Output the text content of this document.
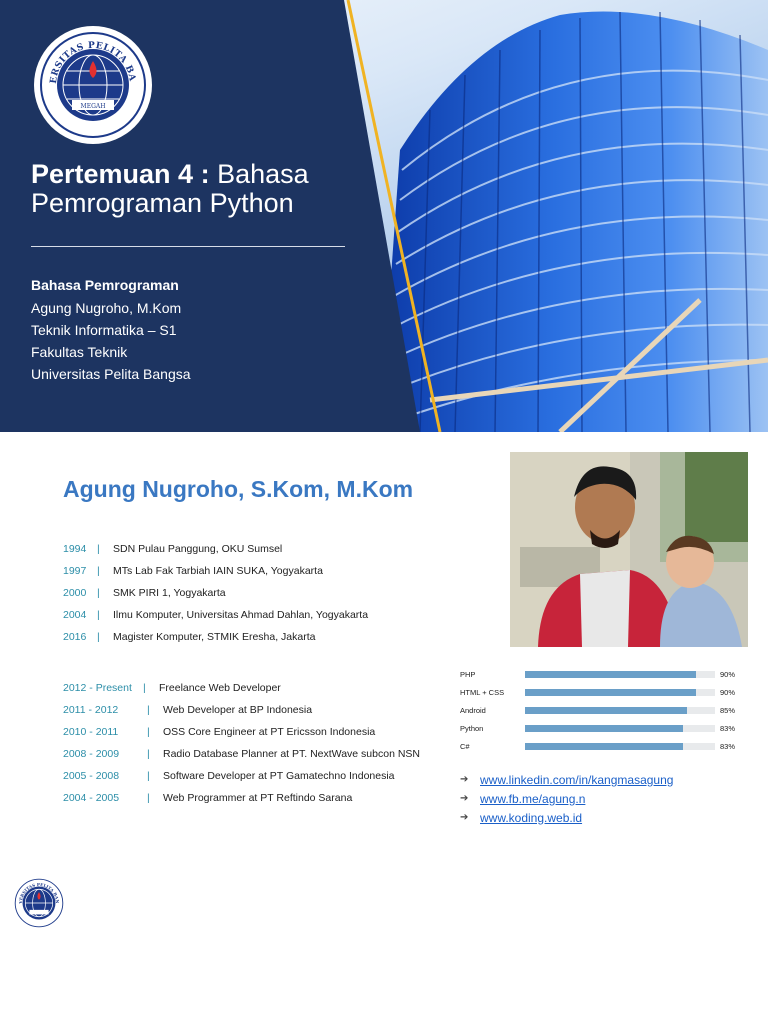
ERSITAS PELITA BA
MEGAH
Pertemuan 4 : Bahasa Pemrograman Python
Bahasa Pemrograman
Agung Nugroho, M.Kom
Teknik Informatika – S1
Fakultas Teknik
Universitas Pelita Bangsa
Agung Nugroho, S.Kom, M.Kom
1994	|	SDN Pulau Panggung, OKU Sumsel
1997	|	MTs Lab Fak Tarbiah IAIN SUKA, Yogyakarta
2000	|	SMK PIRI 1, Yogyakarta
2004	|	Ilmu Komputer, Universitas Ahmad Dahlan, Yogyakarta
2016	|	Magister Komputer, STMIK Eresha, Jakarta
2012 - Present	|	Freelance Web Developer
2011 - 2012	|	Web Developer at BP Indonesia
2010 - 2011	|	OSS Core Engineer at PT Ericsson Indonesia
2008 - 2009	|	Radio Database Planner at PT. NextWave subcon NSN
2005 - 2008	|	Software Developer at PT Gamatechno Indonesia
2004 - 2005	|	Web Programmer at PT Reftindo Sarana
PHP	90%
HTML + CSS	90%
Android	85%
Python	83%
C#	83%
➔ www.linkedin.com/in/kangmasagung
➔ www.fb.me/agung.n
➔ www.koding.web.id
VERSITAS PELITA BAN
